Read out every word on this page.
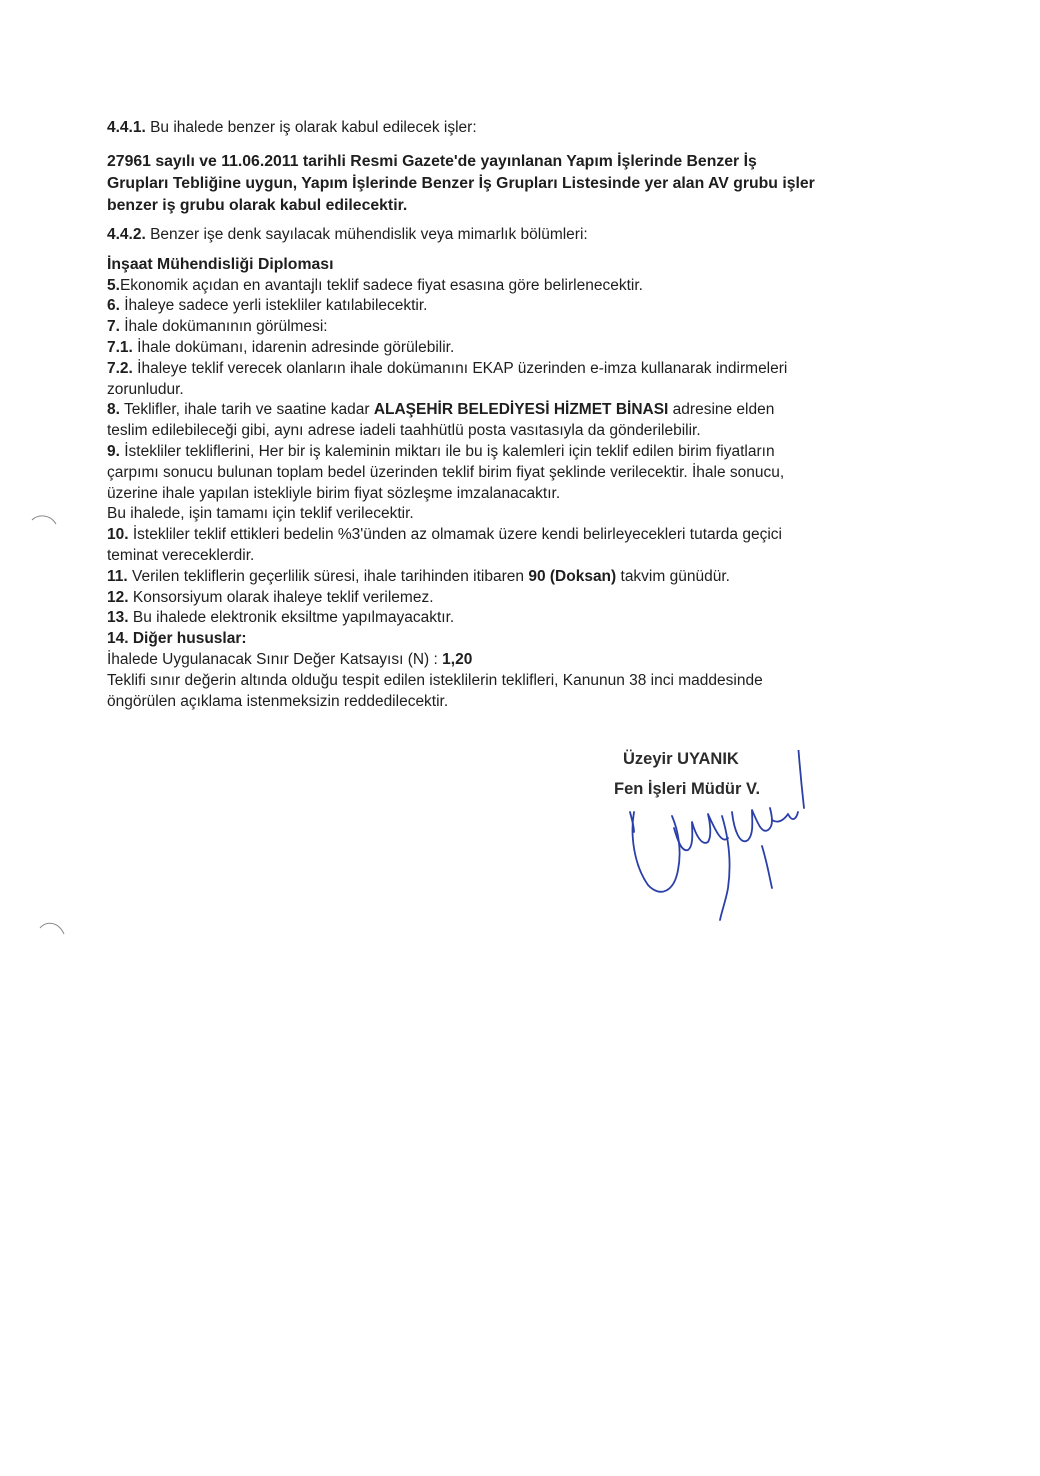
4.4.1. Bu ihalede benzer iş olarak kabul edilecek işler:

27961 sayılı ve 11.06.2011 tarihli Resmi Gazete'de yayınlanan Yapım İşlerinde Benzer İş
Grupları Tebliğine uygun, Yapım İşlerinde Benzer İş Grupları Listesinde yer alan AV grubu işler
benzer iş grubu olarak kabul edilecektir.

4.4.2. Benzer işe denk sayılacak mühendislik veya mimarlık bölümleri:

İnşaat Mühendisliği Diploması

5.Ekonomik açıdan en avantajlı teklif sadece fiyat esasına göre belirlenecektir.

6. İhaleye sadece yerli istekliler katılabilecektir.

7. İhale dokümanının görülmesi:

7.1. İhale dokümanı, idarenin adresinde görülebilir.

7.2. İhaleye teklif verecek olanların ihale dokümanını EKAP üzerinden e-imza kullanarak indirmeleri

zorunludur.

8. Teklifler, ihale tarih ve saatine kadar ALAŞEHİR BELEDİYESİ HİZMET BİNASI adresine elden

teslim edilebileceği gibi, aynı adrese iadeli taahhütlü posta vasıtasıyla da gönderilebilir.

9. İstekliler tekliflerini, Her bir iş kaleminin miktarı ile bu iş kalemleri için teklif edilen birim fiyatların

çarpımı sonucu bulunan toplam bedel üzerinden teklif birim fiyat şeklinde verilecektir. İhale sonucu,

üzerine ihale yapılan istekliyle birim fiyat sözleşme imzalanacaktır.

Bu ihalede, işin tamamı için teklif verilecektir.

10. İstekliler teklif ettikleri bedelin %3'ünden az olmamak üzere kendi belirleyecekleri tutarda geçici

teminat vereceklerdir.

11. Verilen tekliflerin geçerlilik süresi, ihale tarihinden itibaren 90 (Doksan) takvim günüdür.

12. Konsorsiyum olarak ihaleye teklif verilemez.

13. Bu ihalede elektronik eksiltme yapılmayacaktır.

14. Diğer hususlar:

İhalede Uygulanacak Sınır Değer Katsayısı (N) : 1,20

Teklifi sınır değerin altında olduğu tespit edilen isteklilerin teklifleri, Kanunun 38 inci maddesinde

öngörülen açıklama istenmeksizin reddedilecektir.

Üzeyir UYANIK
Fen İşleri Müdür V.
